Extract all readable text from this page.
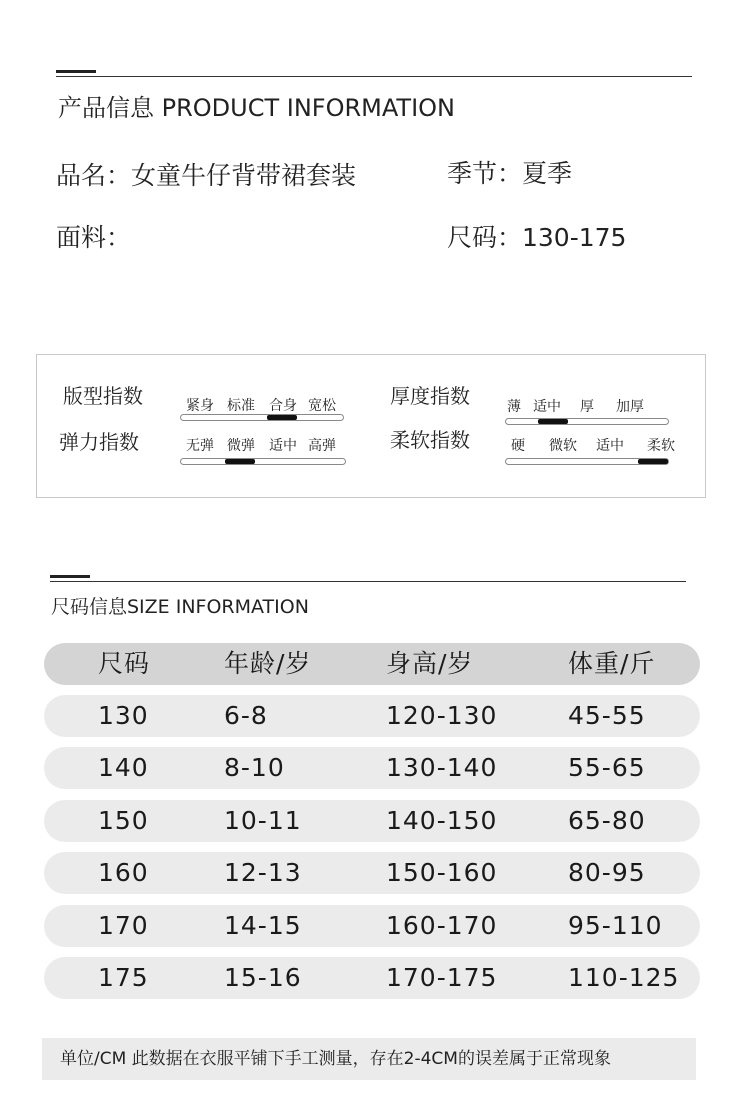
产品信息 PRODUCT INFORMATION
品名：女童牛仔背带裙套装	季节：夏季
面料：	尺码：130-175
版型指数	紧身 标准 合身 宽松
弹力指数	无弹 微弹 适中 高弹
厚度指数	薄 适中 厚 加厚
柔软指数	硬 微软 适中 柔软
尺码信息SIZE INFORMATION
尺码	年龄/岁	身高/岁	体重/斤
130	6-8	120-130	45-55
140	8-10	130-140	55-65
150	10-11	140-150	65-80
160	12-13	150-160	80-95
170	14-15	160-170	95-110
175	15-16	170-175	110-125
单位/CM 此数据在衣服平铺下手工测量，存在2-4CM的误差属于正常现象
